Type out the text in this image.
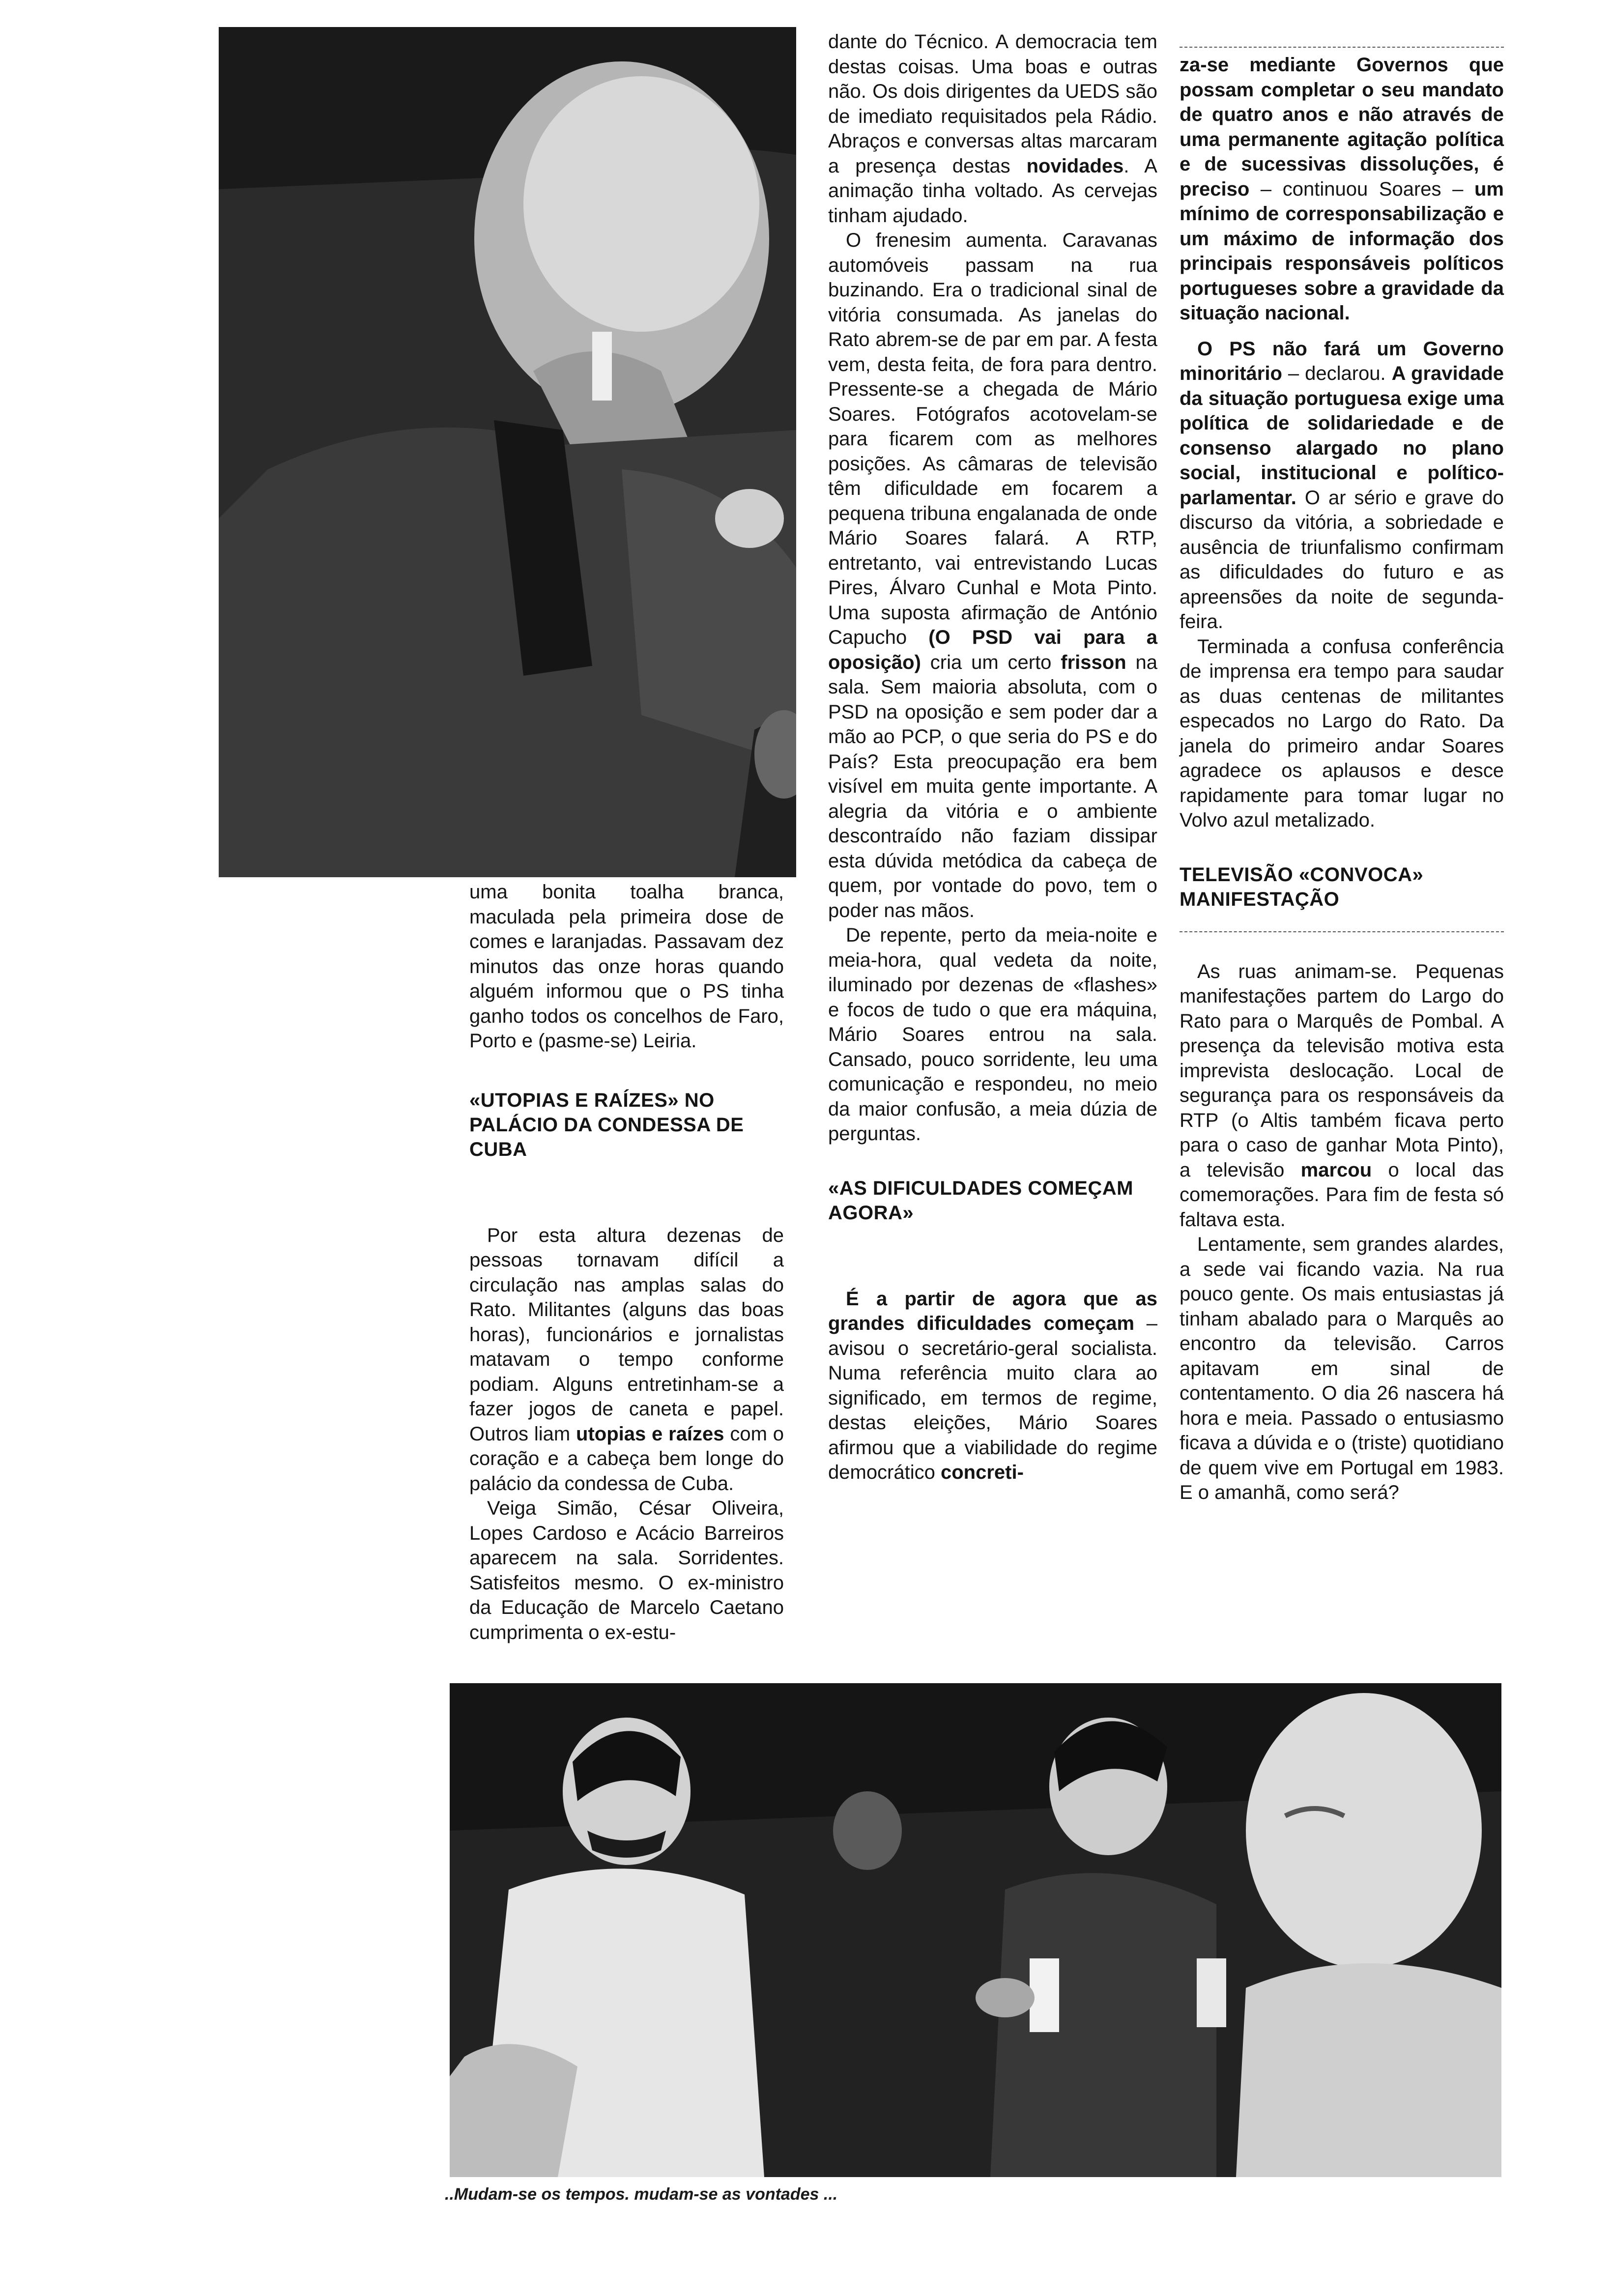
uma bonita toalha branca, maculada pela primeira dose de comes e laranjadas. Passavam dez minutos das onze horas quando alguém informou que o PS tinha ganho todos os concelhos de Faro, Porto e (pasme-se) Leiria.

«UTOPIAS E RAÍZES» NO PALÁCIO DA CONDESSA DE CUBA

Por esta altura dezenas de pessoas tornavam difícil a circulação nas amplas salas do Rato. Militantes (alguns das boas horas), funcionários e jornalistas matavam o tempo conforme podiam. Alguns entretinham-se a fazer jogos de caneta e papel. Outros liam utopias e raízes com o coração e a cabeça bem longe do palácio da condessa de Cuba.

Veiga Simão, César Oliveira, Lopes Cardoso e Acácio Barreiros aparecem na sala. Sorridentes. Satisfeitos mesmo. O ex-ministro da Educação de Marcelo Caetano cumprimenta o ex-estu-

dante do Técnico. A democracia tem destas coisas. Uma boas e outras não. Os dois dirigentes da UEDS são de imediato requisitados pela Rádio. Abraços e conversas altas marcaram a presença destas novidades. A animação tinha voltado. As cervejas tinham ajudado.

O frenesim aumenta. Caravanas automóveis passam na rua buzinando. Era o tradicional sinal de vitória consumada. As janelas do Rato abrem-se de par em par. A festa vem, desta feita, de fora para dentro. Pressente-se a chegada de Mário Soares. Fotógrafos acotovelam-se para ficarem com as melhores posições. As câmaras de televisão têm dificuldade em focarem a pequena tribuna engalanada de onde Mário Soares falará. A RTP, entretanto, vai entrevistando Lucas Pires, Álvaro Cunhal e Mota Pinto. Uma suposta afirmação de António Capucho (O PSD vai para a oposição) cria um certo frisson na sala. Sem maioria absoluta, com o PSD na oposição e sem poder dar a mão ao PCP, o que seria do PS e do País? Esta preocupação era bem visível em muita gente importante. A alegria da vitória e o ambiente descontraído não faziam dissipar esta dúvida metódica da cabeça de quem, por vontade do povo, tem o poder nas mãos.

De repente, perto da meia-noite e meia-hora, qual vedeta da noite, iluminado por dezenas de «flashes» e focos de tudo o que era máquina, Mário Soares entrou na sala. Cansado, pouco sorridente, leu uma comunicação e respondeu, no meio da maior confusão, a meia dúzia de perguntas.

«AS DIFICULDADES COMEÇAM AGORA»

É a partir de agora que as grandes dificuldades começam – avisou o secretário-geral socialista. Numa referência muito clara ao significado, em termos de regime, destas eleições, Mário Soares afirmou que a viabilidade do regime democrático concreti-

za-se mediante Governos que possam completar o seu mandato de quatro anos e não através de uma permanente agitação política e de sucessivas dissoluções, é preciso – continuou Soares – um mínimo de corresponsabilização e um máximo de informação dos principais responsáveis políticos portugueses sobre a gravidade da situação nacional.

O PS não fará um Governo minoritário – declarou. A gravidade da situação portuguesa exige uma política de solidariedade e de consenso alargado no plano social, institucional e político-parlamentar. O ar sério e grave do discurso da vitória, a sobriedade e ausência de triunfalismo confirmam as dificuldades do futuro e as apreensões da noite de segunda-feira.

Terminada a confusa conferência de imprensa era tempo para saudar as duas centenas de militantes especados no Largo do Rato. Da janela do primeiro andar Soares agradece os aplausos e desce rapidamente para tomar lugar no Volvo azul metalizado.

TELEVISÃO «CONVOCA» MANIFESTAÇÃO

As ruas animam-se. Pequenas manifestações partem do Largo do Rato para o Marquês de Pombal. A presença da televisão motiva esta imprevista deslocação. Local de segurança para os responsáveis da RTP (o Altis também ficava perto para o caso de ganhar Mota Pinto), a televisão marcou o local das comemorações. Para fim de festa só faltava esta.

Lentamente, sem grandes alardes, a sede vai ficando vazia. Na rua pouco gente. Os mais entusiastas já tinham abalado para o Marquês ao encontro da televisão. Carros apitavam em sinal de contentamento. O dia 26 nascera há hora e meia. Passado o entusiasmo ficava a dúvida e o (triste) quotidiano de quem vive em Portugal em 1983. E o amanhã, como será?

..Mudam-se os tempos. mudam-se as vontades ...
